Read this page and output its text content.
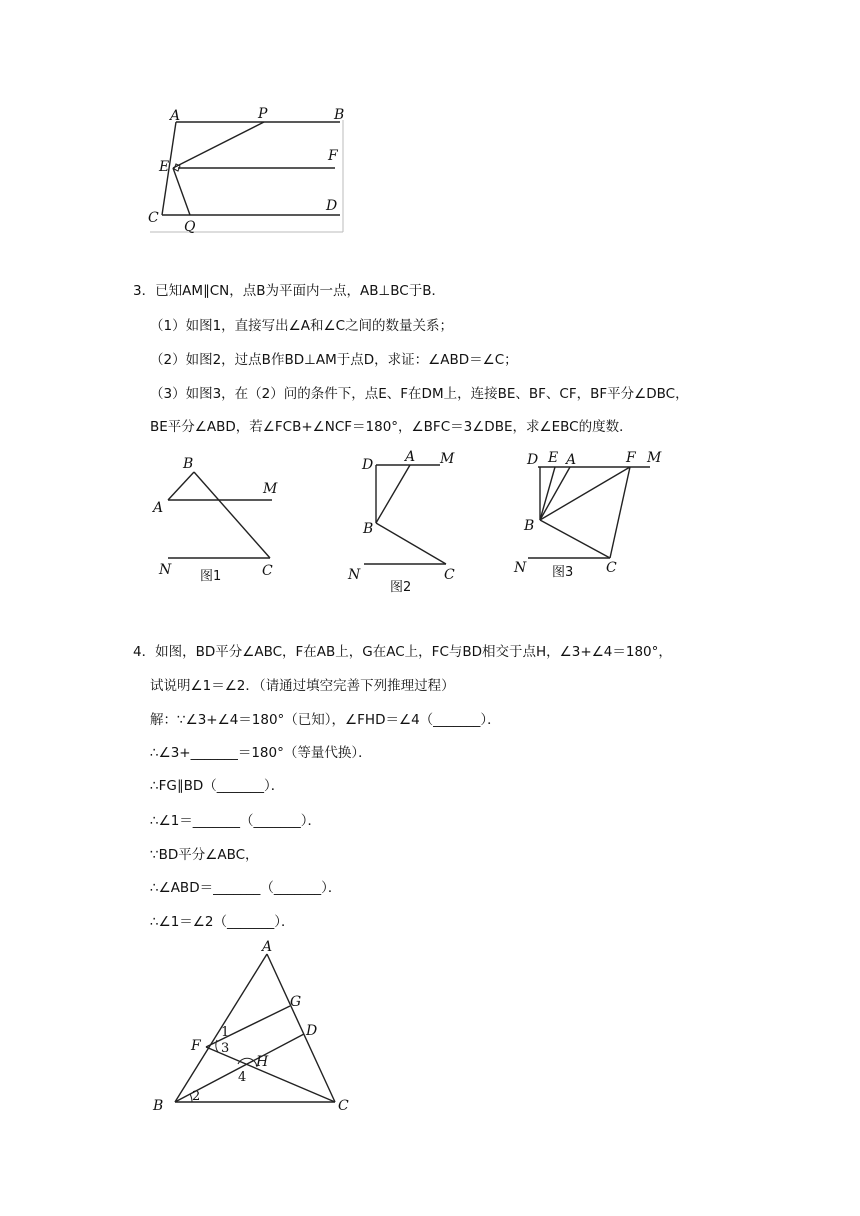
A	P	B
E
F
C
Q
D
3．已知AM∥CN，点B为平面内一点，AB⊥BC于B．
（1）如图1，直接写出∠A和∠C之间的数量关系；
（2）如图2，过点B作BD⊥AM于点D，求证：∠ABD＝∠C；
（3）如图3，在（2）问的条件下，点E、F在DM上，连接BE、BF、CF，BF平分∠DBC，
BE平分∠ABD，若∠FCB+∠NCF＝180°，∠BFC＝3∠DBE，求∠EBC的度数．
B
A
M
N	C
图1
D A M
B
N	C
图2
D E A	F M
B
N	C
图3
4．如图，BD平分∠ABC，F在AB上，G在AC上，FC与BD相交于点H，∠3+∠4＝180°，
试说明∠1＝∠2．（请通过填空完善下列推理过程）
解：∵∠3+∠4＝180°（已知），∠FHD＝∠4（_______）．
∴∠3+_______＝180°（等量代换）．
∴FG∥BD（_______）．
∴∠1＝_______（_______）．
∵BD平分∠ABC，
∴∠ABD＝_______（_______）．
∴∠1＝∠2（_______）．
A
G
D
F
H
B	C
1
2
3
4
